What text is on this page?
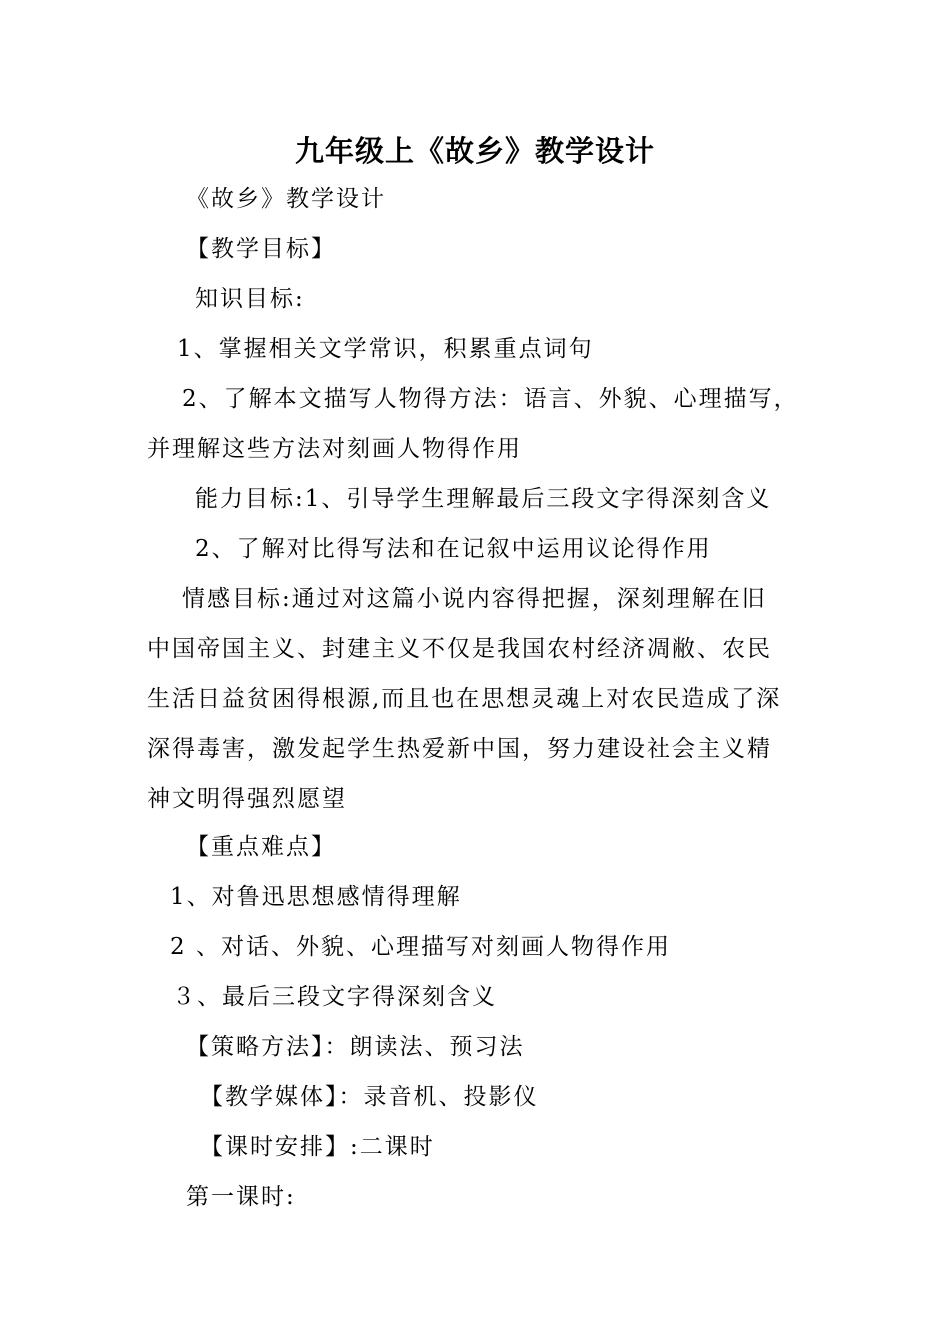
九年级上《故乡》教学设计
《故乡》教学设计
【教学目标】
知识目标:
1、掌握相关文学常识，积累重点词句
2、了解本文描写人物得方法：语言、外貌、心理描写，
并理解这些方法对刻画人物得作用
能力目标:1、引导学生理解最后三段文字得深刻含义
2、了解对比得写法和在记叙中运用议论得作用
情感目标:通过对这篇小说内容得把握，深刻理解在旧
中国帝国主义、封建主义不仅是我国农村经济凋敝、农民
生活日益贫困得根源,而且也在思想灵魂上对农民造成了深
深得毒害，激发起学生热爱新中国，努力建设社会主义精
神文明得强烈愿望
【重点难点】
1、对鲁迅思想感情得理解
2 、对话、外貌、心理描写对刻画人物得作用
３、最后三段文字得深刻含义
【策略方法】：朗读法、预习法
【教学媒体】：录音机、投影仪
【课时安排】:二课时
第一课时:
